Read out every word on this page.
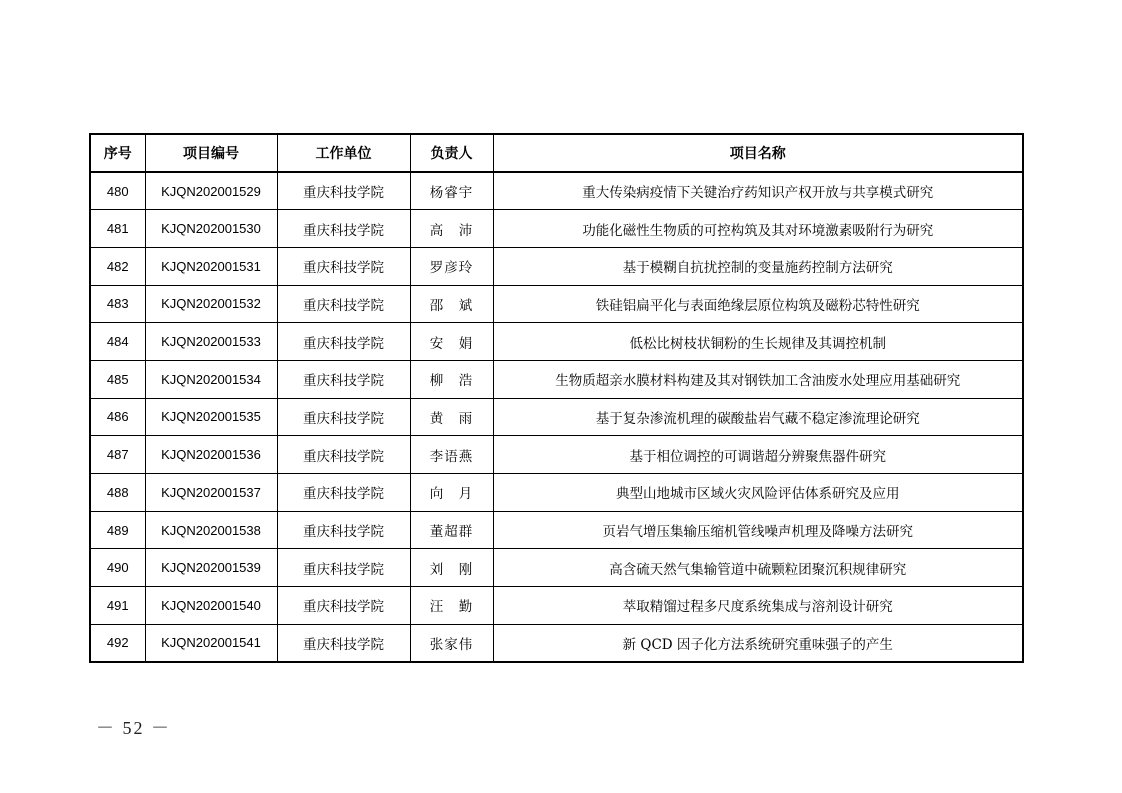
序号	项目编号	工作单位	负责人	项目名称
480	KJQN202001529	重庆科技学院	杨睿宇	重大传染病疫情下关键治疗药知识产权开放与共享模式研究
481	KJQN202001530	重庆科技学院	高　沛	功能化磁性生物质的可控构筑及其对环境激素吸附行为研究
482	KJQN202001531	重庆科技学院	罗彦玲	基于模糊自抗扰控制的变量施药控制方法研究
483	KJQN202001532	重庆科技学院	邵　斌	铁硅铝扁平化与表面绝缘层原位构筑及磁粉芯特性研究
484	KJQN202001533	重庆科技学院	安　娟	低松比树枝状铜粉的生长规律及其调控机制
485	KJQN202001534	重庆科技学院	柳　浩	生物质超亲水膜材料构建及其对钢铁加工含油废水处理应用基础研究
486	KJQN202001535	重庆科技学院	黄　雨	基于复杂渗流机理的碳酸盐岩气藏不稳定渗流理论研究
487	KJQN202001536	重庆科技学院	李语燕	基于相位调控的可调谐超分辨聚焦器件研究
488	KJQN202001537	重庆科技学院	向　月	典型山地城市区域火灾风险评估体系研究及应用
489	KJQN202001538	重庆科技学院	董超群	页岩气增压集输压缩机管线噪声机理及降噪方法研究
490	KJQN202001539	重庆科技学院	刘　刚	高含硫天然气集输管道中硫颗粒团聚沉积规律研究
491	KJQN202001540	重庆科技学院	汪　勤	萃取精馏过程多尺度系统集成与溶剂设计研究
492	KJQN202001541	重庆科技学院	张家伟	新 QCD 因子化方法系统研究重味强子的产生
－ 52 －
